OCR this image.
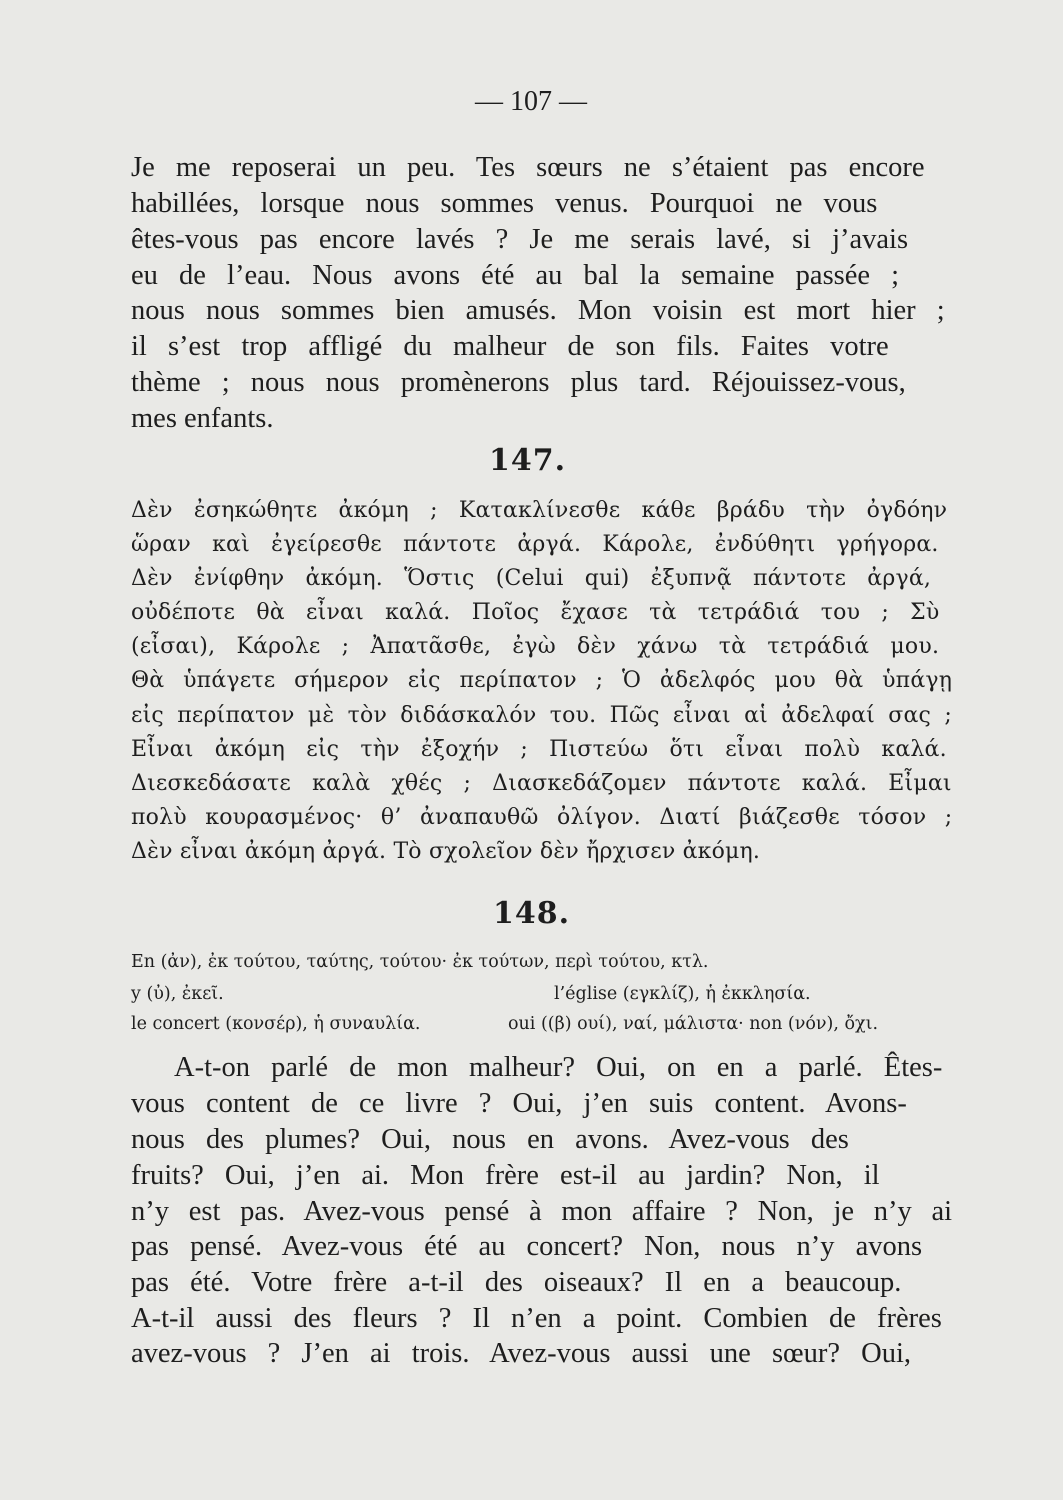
— 107 —
Je me reposerai un peu. Tes sœurs ne s’étaient pas encore
habillées, lorsque nous sommes venus. Pourquoi ne vous
êtes-vous pas encore lavés ? Je me serais lavé, si j’avais
eu de l’eau. Nous avons été au bal la semaine passée ;
nous nous sommes bien amusés. Mon voisin est mort hier ;
il s’est trop affligé du malheur de son fils. Faites votre
thème ; nous nous promènerons plus tard. Réjouissez-vous,
mes enfants.
147.
Δὲν ἐσηκώθητε ἀκόμη ; Κατακλίνεσθε κάθε βράδυ τὴν ὀγδόην
ὥραν καὶ ἐγείρεσθε πάντοτε ἀργά. Κάρολε, ἐνδύθητι γρήγορα.
Δὲν ἐνίφθην ἀκόμη. Ὅστις (Celui qui) ἐξυπνᾷ πάντοτε ἀργά,
οὐδέποτε θὰ εἶναι καλά. Ποῖος ἔχασε τὰ τετράδιά του ; Σὺ
(εἶσαι), Κάρολε ; Ἀπατᾶσθε, ἐγὼ δὲν χάνω τὰ τετράδιά μου.
Θὰ ὑπάγετε σήμερον εἰς περίπατον ; Ὁ ἀδελφός μου θὰ ὑπάγῃ
εἰς περίπατον μὲ τὸν διδάσκαλόν του. Πῶς εἶναι αἱ ἀδελφαί σας ;
Εἶναι ἀκόμη εἰς τὴν ἐξοχήν ; Πιστεύω ὅτι εἶναι πολὺ καλά.
Διεσκεδάσατε καλὰ χθές ; Διασκεδάζομεν πάντοτε καλά. Εἶμαι
πολὺ κουρασμένος· θ’ ἀναπαυθῶ ὀλίγον. Διατί βιάζεσθε τόσον ;
Δὲν εἶναι ἀκόμη ἀργά. Τὸ σχολεῖον δὲν ἤρχισεν ἀκόμη.
148.
En (ἀν), ἐκ τούτου, ταύτης, τούτου· ἐκ τούτων, περὶ τούτου, κτλ.
y (ὐ), ἐκεῖ.	l’église (εγκλίζ), ἡ ἐκκλησία.
le concert (κονσέρ), ἡ συναυλία.	oui ((β) ουί), ναί, μάλιστα· non (νόν), ὄχι.
A-t-on parlé de mon malheur? Oui, on en a parlé. Êtes-
vous content de ce livre ? Oui, j’en suis content. Avons-
nous des plumes? Oui, nous en avons. Avez-vous des
fruits? Oui, j’en ai. Mon frère est-il au jardin? Non, il
n’y est pas. Avez-vous pensé à mon affaire ? Non, je n’y ai
pas pensé. Avez-vous été au concert? Non, nous n’y avons
pas été. Votre frère a-t-il des oiseaux? Il en a beaucoup.
A-t-il aussi des fleurs ? Il n’en a point. Combien de frères
avez-vous ? J’en ai trois. Avez-vous aussi une sœur? Oui,
